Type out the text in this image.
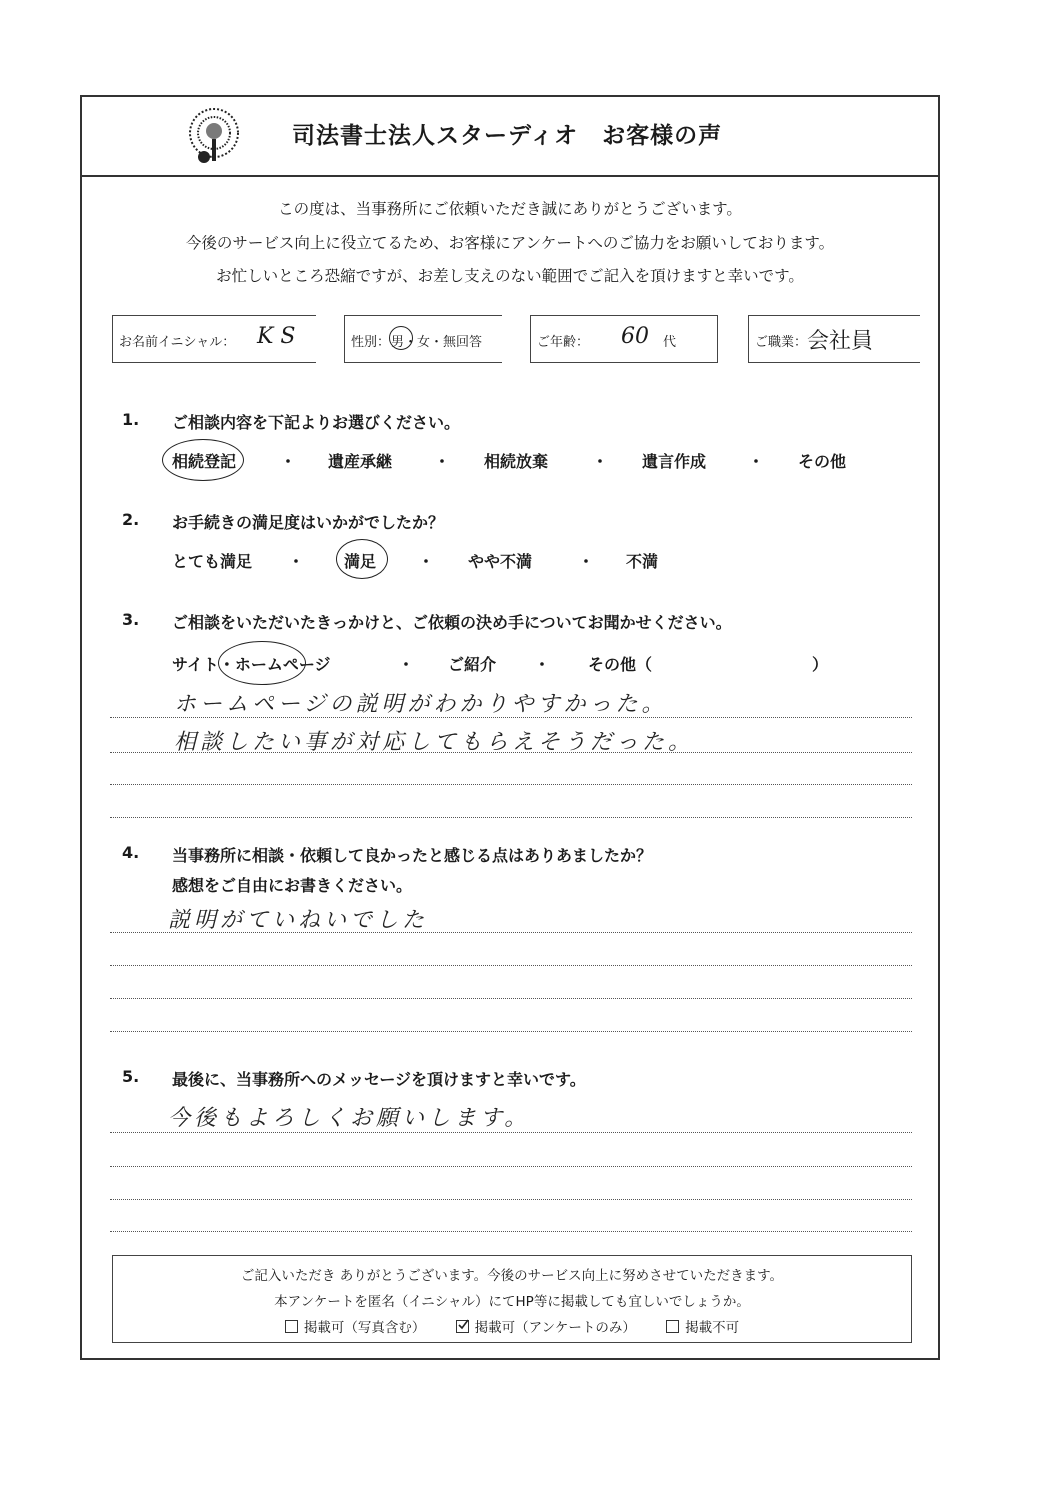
司法書士法人スターディオ　お客様の声
この度は、当事務所にご依頼いただき誠にありがとうございます。
今後のサービス向上に役立てるため、お客様にアンケートへのご協力をお願いしております。
お忙しいところ恐縮ですが、お差し支えのない範囲でご記入を頂けますと幸いです。
お名前イニシャル： K S	性別： 男・女・無回答	ご年齢： 60 代	ご職業： 会社員
1. ご相談内容を下記よりお選びください。
相続登記	・ 遺産承継	・ 相続放棄	・ 遺言作成	・ その他
2. お手続きの満足度はいかがでしたか？
とても満足 ・ 満足	・ やや不満	・ 不満
3. ご相談をいただいたきっかけと、ご依頼の決め手についてお聞かせください。
サイト・ホームページ	・ ご紹介 ・ その他（	）
ホームページの説明がわかりやすかった。
相談したい事が対応してもらえそうだった。
4. 当事務所に相談・依頼して良かったと感じる点はありあましたか？
感想をご自由にお書きください。
説明がていねいでした
5. 最後に、当事務所へのメッセージを頂けますと幸いです。
今後もよろしくお願いします。
ご記入いただき ありがとうございます。今後のサービス向上に努めさせていただきます。
本アンケートを匿名（イニシャル）にてHP等に掲載しても宜しいでしょうか。
掲載可（写真含む）	掲載可（アンケートのみ）	掲載不可
